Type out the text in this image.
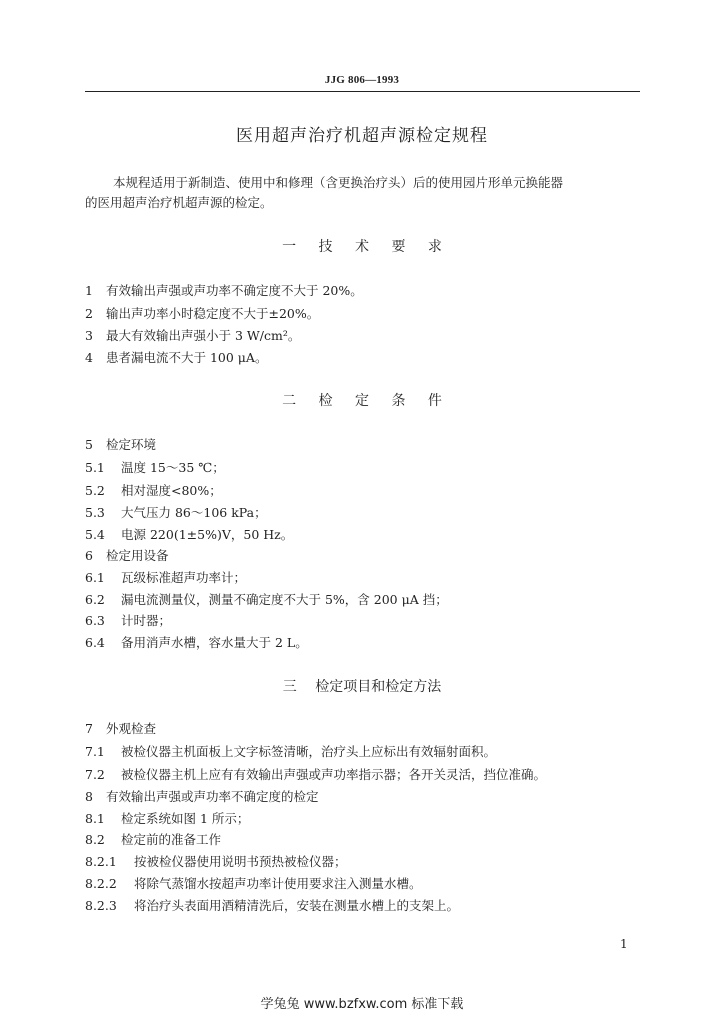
JJG 806—1993
医用超声治疗机超声源检定规程
本规程适用于新制造、使用中和修理（含更换治疗头）后的使用园片形单元换能器
的医用超声治疗机超声源的检定。
一 技 术 要 求
1 有效输出声强或声功率不确定度不大于 20%。
2 输出声功率小时稳定度不大于±20%。
3 最大有效输出声强小于 3 W/cm²。
4 患者漏电流不大于 100 μA。
二 检 定 条 件
5 检定环境
5.1 温度 15～35 ℃；
5.2 相对湿度<80%；
5.3 大气压力 86～106 kPa；
5.4 电源 220(1±5%)V，50 Hz。
6 检定用设备
6.1 瓦级标准超声功率计；
6.2 漏电流测量仪，测量不确定度不大于 5%，含 200 μA 挡；
6.3 计时器；
6.4 备用消声水槽，容水量大于 2 L。
三 检定项目和检定方法
7 外观检查
7.1 被检仪器主机面板上文字标签清晰，治疗头上应标出有效辐射面积。
7.2 被检仪器主机上应有有效输出声强或声功率指示器；各开关灵活，挡位准确。
8 有效输出声强或声功率不确定度的检定
8.1 检定系统如图 1 所示；
8.2 检定前的准备工作
8.2.1 按被检仪器使用说明书预热被检仪器；
8.2.2 将除气蒸馏水按超声功率计使用要求注入测量水槽。
8.2.3 将治疗头表面用酒精清洗后，安装在测量水槽上的支架上。
1
学兔兔 www.bzfxw.com 标准下载
